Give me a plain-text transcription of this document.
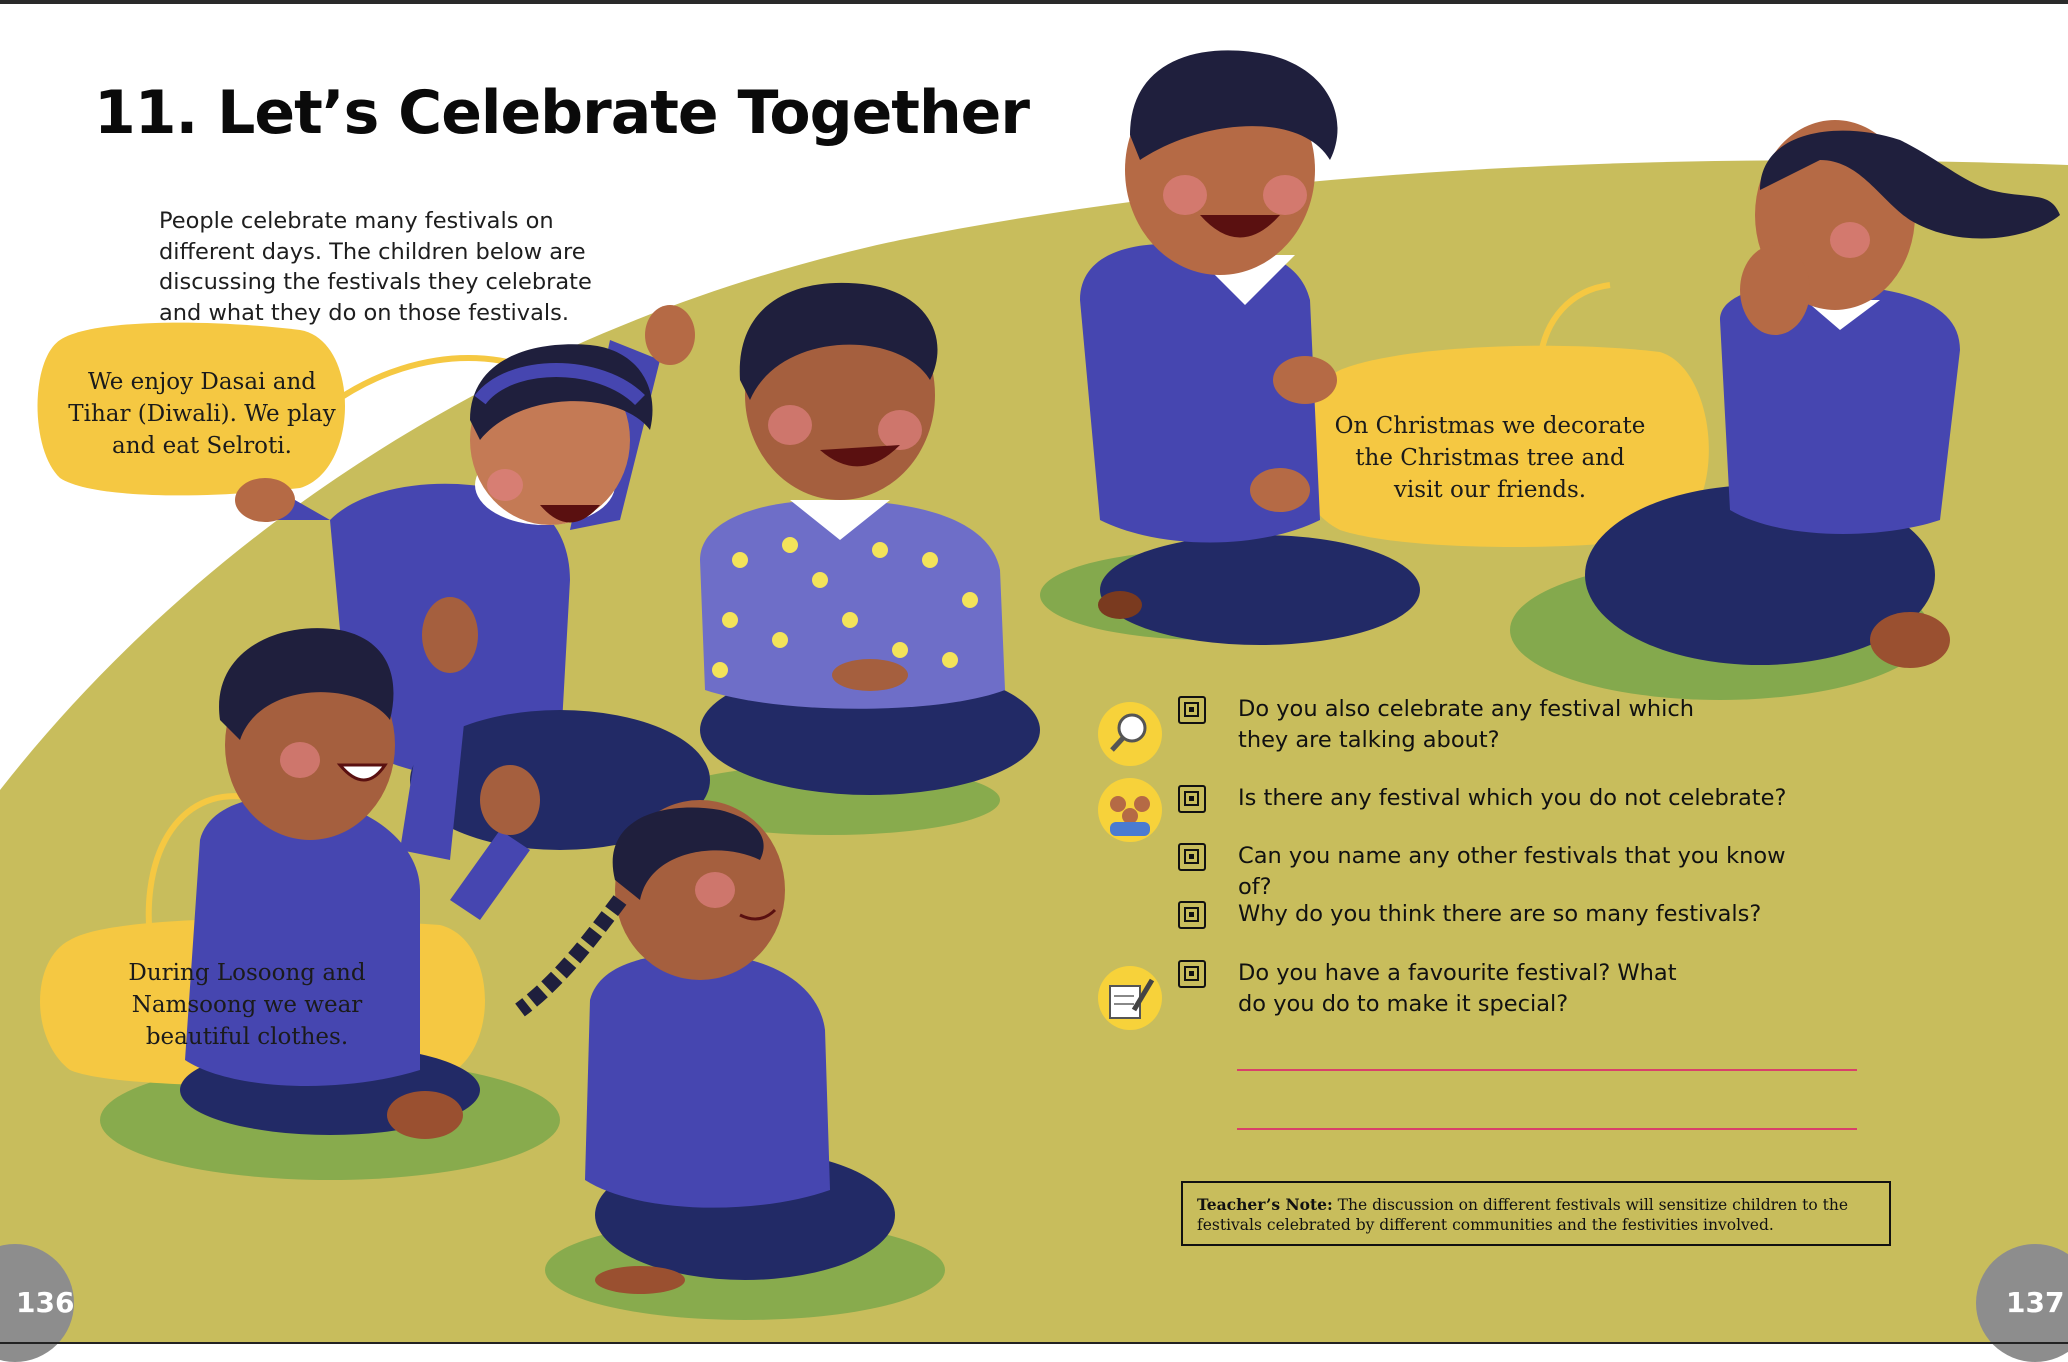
11. Let’s Celebrate Together
People celebrate many festivals on
different days. The children below are
discussing the festivals they celebrate
and what they do on those festivals.
We enjoy Dasai and
Tihar (Diwali). We play
and eat Selroti.
During Losoong and
Namsoong we wear
beautiful clothes.
On Christmas we decorate
the Christmas tree and
visit our friends.
Do you also celebrate any festival which
they are talking about?
Is there any festival which you do not celebrate?
Can you name any other festivals that you know of?
Why do you think there are so many festivals?
Do you have a favourite festival? What
do you do to make it special?
Teacher’s Note: The discussion on different festivals will sensitize children to the
festivals celebrated by different communities and the festivities involved.
136	137
